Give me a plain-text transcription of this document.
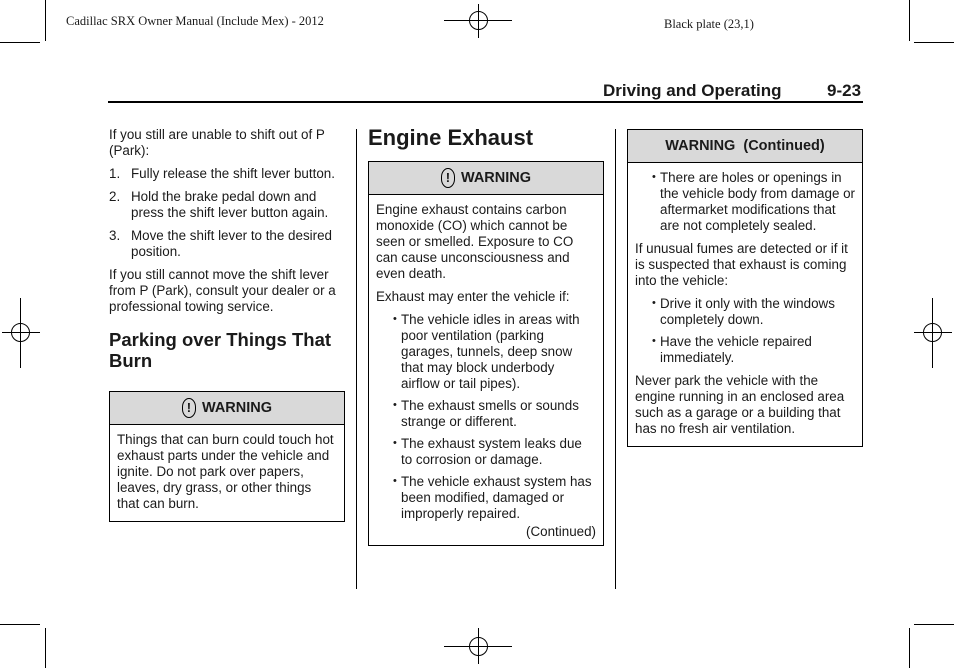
Cadillac SRX Owner Manual (Include Mex) - 2012	Black plate (23,1)
Driving and Operating	9-23

If you still are unable to shift out of P (Park):

1. Fully release the shift lever button.
2. Hold the brake pedal down and press the shift lever button again.
3. Move the shift lever to the desired position.

If you still cannot move the shift lever from P (Park), consult your dealer or a professional towing service.

Parking over Things That Burn
! WARNING

Things that can burn could touch hot exhaust parts under the vehicle and ignite. Do not park over papers, leaves, dry grass, or other things that can burn.

Engine Exhaust
! WARNING

Engine exhaust contains carbon monoxide (CO) which cannot be seen or smelled. Exposure to CO can cause unconsciousness and even death.

Exhaust may enter the vehicle if:

• The vehicle idles in areas with poor ventilation (parking garages, tunnels, deep snow that may block underbody airflow or tail pipes).
• The exhaust smells or sounds strange or different.
• The exhaust system leaks due to corrosion or damage.
• The vehicle exhaust system has been modified, damaged or improperly repaired.
(Continued)
WARNING  (Continued)
• There are holes or openings in the vehicle body from damage or aftermarket modifications that are not completely sealed.

If unusual fumes are detected or if it is suspected that exhaust is coming into the vehicle:

• Drive it only with the windows completely down.
• Have the vehicle repaired immediately.

Never park the vehicle with the engine running in an enclosed area such as a garage or a building that has no fresh air ventilation.
